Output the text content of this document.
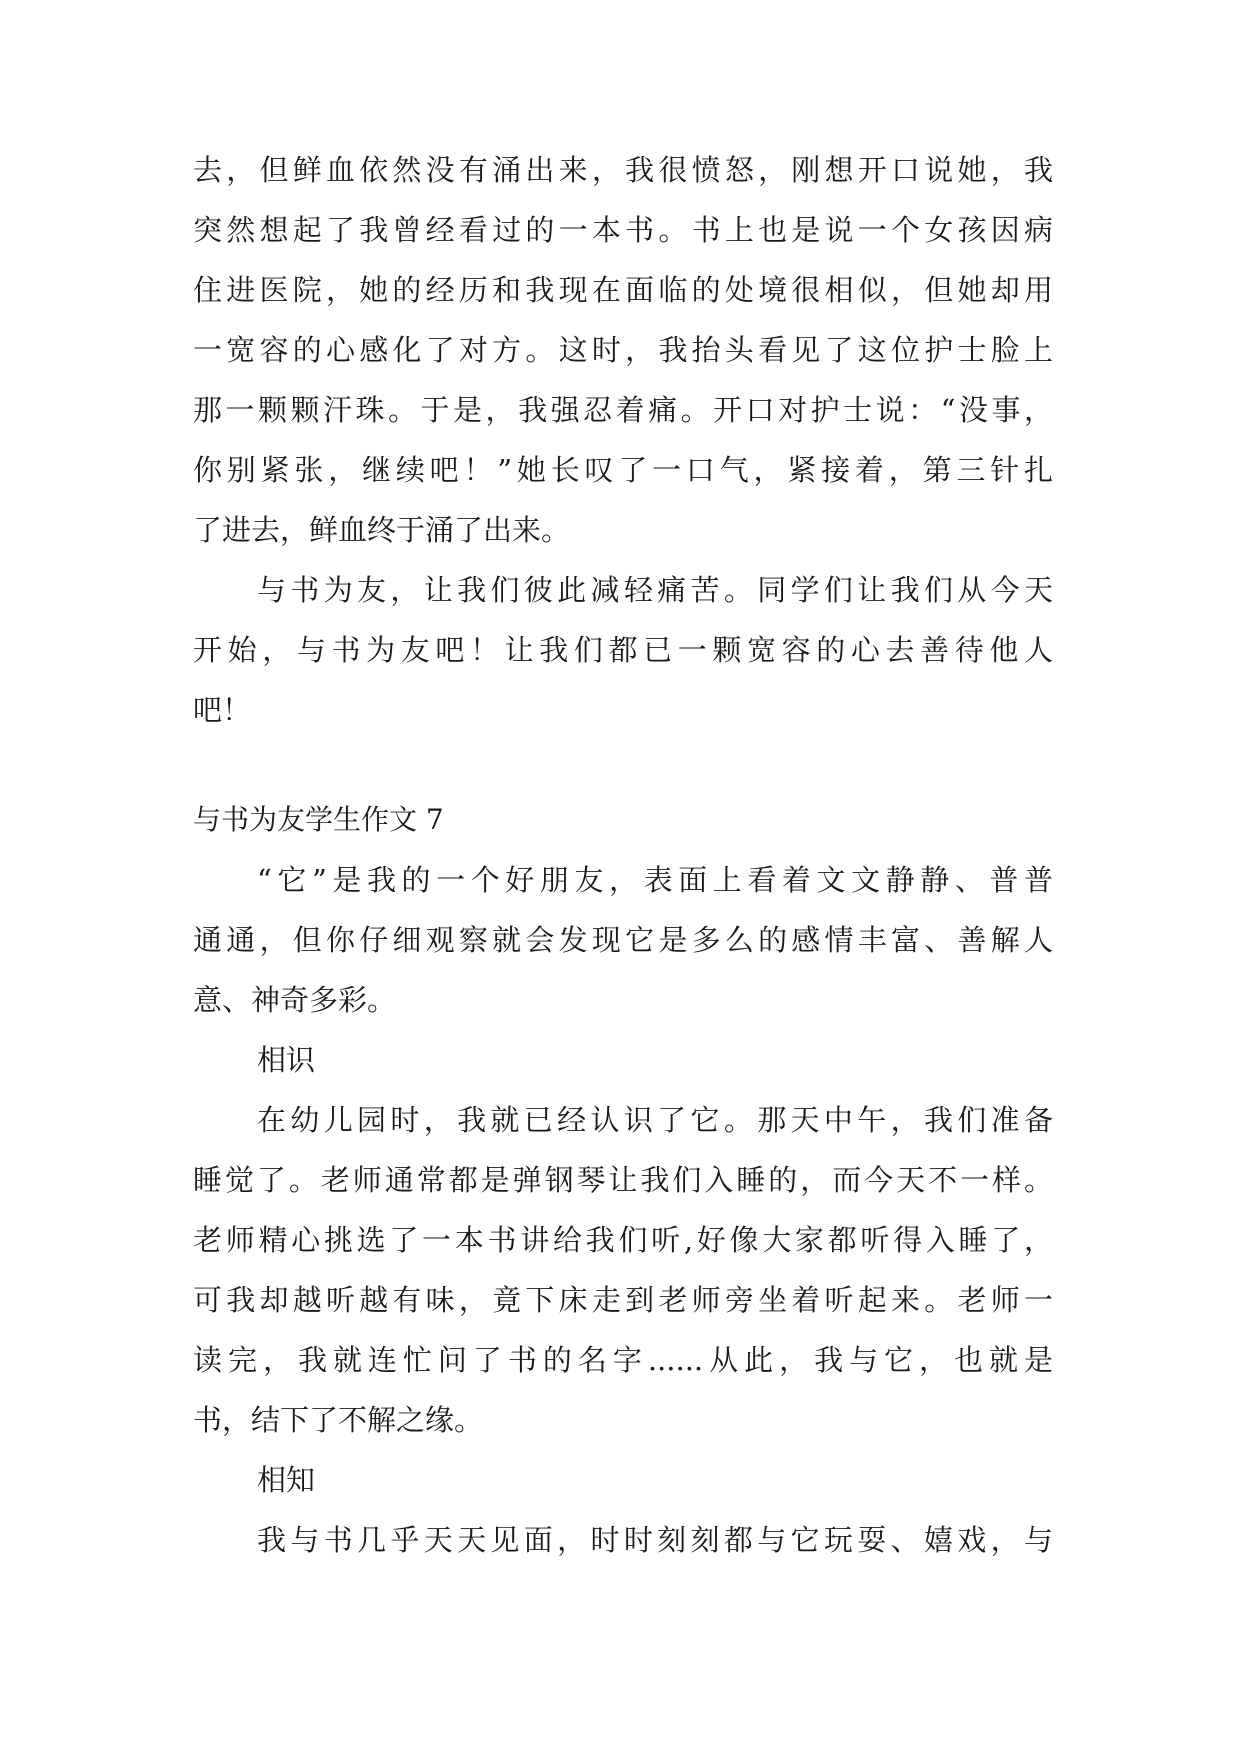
去，但鲜血依然没有涌出来，我很愤怒，刚想开口说她，我
突然想起了我曾经看过的一本书。书上也是说一个女孩因病
住进医院，她的经历和我现在面临的处境很相似，但她却用
一宽容的心感化了对方。这时，我抬头看见了这位护士脸上
那一颗颗汗珠。于是，我强忍着痛。开口对护士说：“没事，
你别紧张，继续吧！”她长叹了一口气，紧接着，第三针扎
了进去，鲜血终于涌了出来。
与书为友，让我们彼此减轻痛苦。同学们让我们从今天
开始，与书为友吧！让我们都已一颗宽容的心去善待他人
吧！
与书为友学生作文 7
“它”是我的一个好朋友，表面上看着文文静静、普普
通通，但你仔细观察就会发现它是多么的感情丰富、善解人
意、神奇多彩。
相识
在幼儿园时，我就已经认识了它。那天中午，我们准备
睡觉了。老师通常都是弹钢琴让我们入睡的，而今天不一样。
老师精心挑选了一本书讲给我们听,好像大家都听得入睡了，
可我却越听越有味，竟下床走到老师旁坐着听起来。老师一
读完，我就连忙问了书的名字......从此，我与它，也就是
书，结下了不解之缘。
相知
我与书几乎天天见面，时时刻刻都与它玩耍、嬉戏，与
